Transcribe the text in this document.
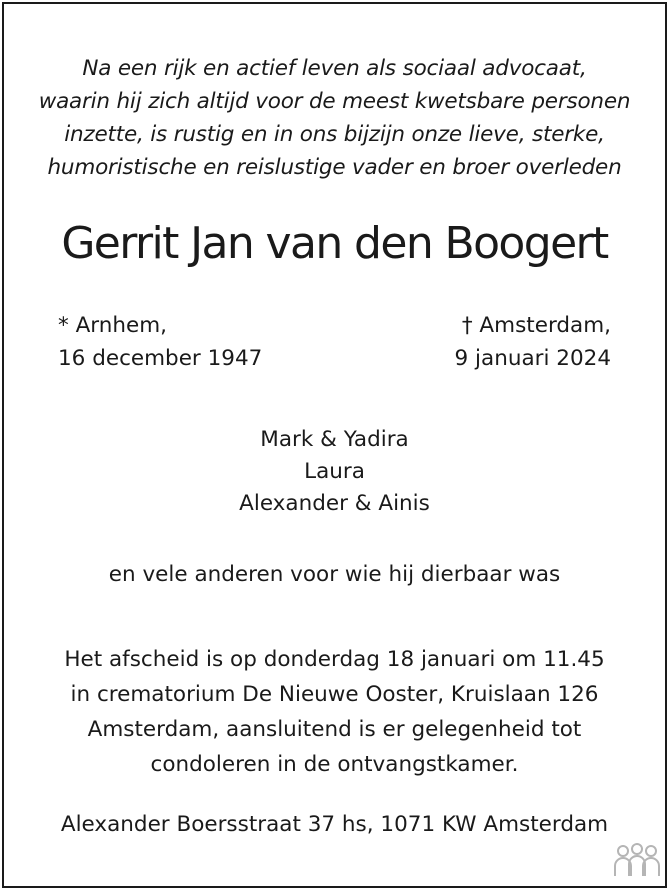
Na een rijk en actief leven als sociaal advocaat,
waarin hij zich altijd voor de meest kwetsbare personen
inzette, is rustig en in ons bijzijn onze lieve, sterke,
humoristische en reislustige vader en broer overleden
Gerrit Jan van den Boogert
* Arnhem,
16 december 1947
† Amsterdam,
9 januari 2024
Mark & Yadira
Laura
Alexander & Ainis
en vele anderen voor wie hij dierbaar was
Het afscheid is op donderdag 18 januari om 11.45
in crematorium De Nieuwe Ooster, Kruislaan 126
Amsterdam, aansluitend is er gelegenheid tot
condoleren in de ontvangstkamer.
Alexander Boersstraat 37 hs, 1071 KW Amsterdam
